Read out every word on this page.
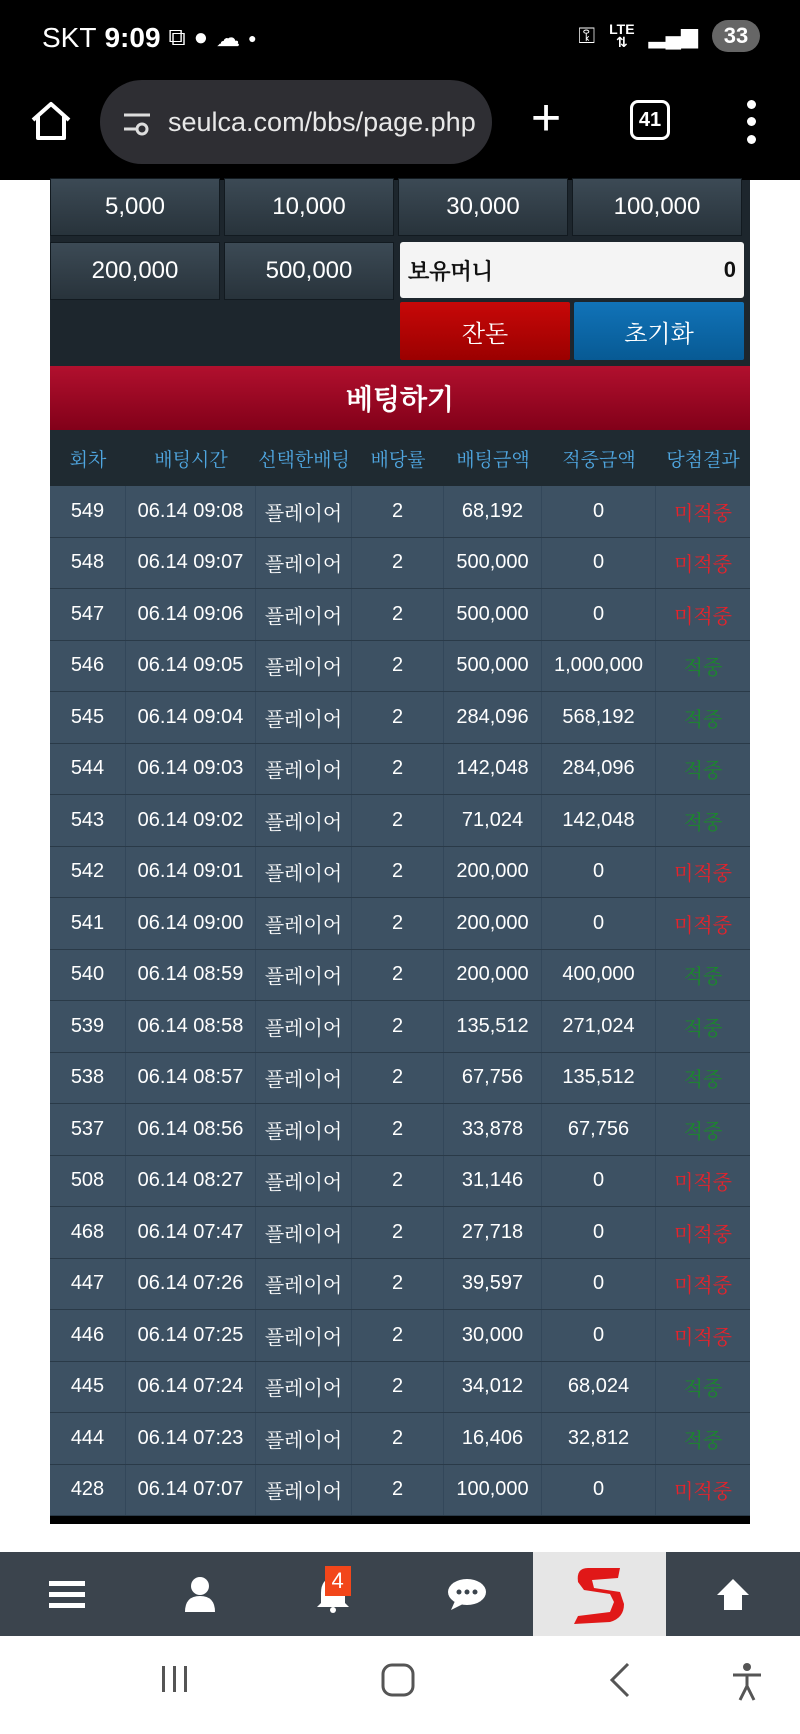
SKT 9:09 ⧉ ● ☁ ●	⚿ LTE
⇅ ▂▄▆	33
seulca.com/bbs/page.php +	41
5,000	10,000	30,000	100,000
200,000	500,000	보유머니	0
잔돈	초기화
베팅하기
회차	배팅시간	선택한배팅	배당률	배팅금액	적중금액	당첨결과
549	06.14 09:08	플레이어	2	68,192	0	미적중
548	06.14 09:07	플레이어	2	500,000	0	미적중
547	06.14 09:06	플레이어	2	500,000	0	미적중
546	06.14 09:05	플레이어	2	500,000	1,000,000	적중
545	06.14 09:04	플레이어	2	284,096	568,192	적중
544	06.14 09:03	플레이어	2	142,048	284,096	적중
543	06.14 09:02	플레이어	2	71,024	142,048	적중
542	06.14 09:01	플레이어	2	200,000	0	미적중
541	06.14 09:00	플레이어	2	200,000	0	미적중
540	06.14 08:59	플레이어	2	200,000	400,000	적중
539	06.14 08:58	플레이어	2	135,512	271,024	적중
538	06.14 08:57	플레이어	2	67,756	135,512	적중
537	06.14 08:56	플레이어	2	33,878	67,756	적중
508	06.14 08:27	플레이어	2	31,146	0	미적중
468	06.14 07:47	플레이어	2	27,718	0	미적중
447	06.14 07:26	플레이어	2	39,597	0	미적중
446	06.14 07:25	플레이어	2	30,000	0	미적중
445	06.14 07:24	플레이어	2	34,012	68,024	적중
444	06.14 07:23	플레이어	2	16,406	32,812	적중
428	06.14 07:07	플레이어	2	100,000	0	미적중
4
